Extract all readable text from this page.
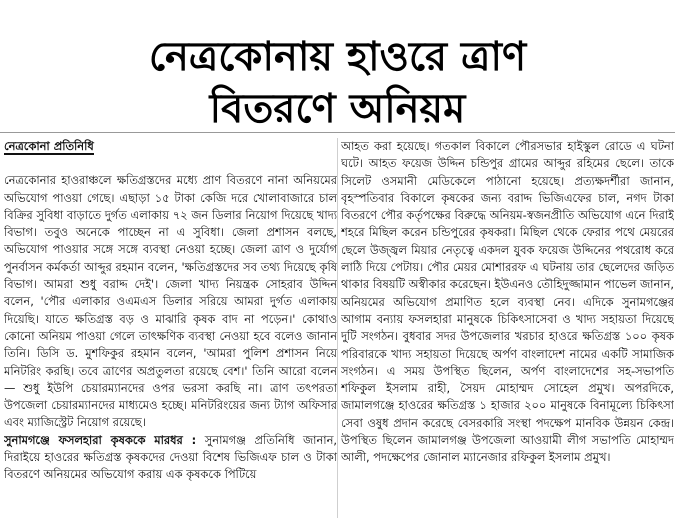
নেত্রকোনায় হাওরে ত্রাণ
বিতরণে অনিয়ম
নেত্রকোনা প্রতিনিধি

নেত্রকোনার হাওরাঞ্চলে ক্ষতিগ্রস্তদের মধ্যে প্রাণ বিতরণে নানা অনিয়মের অভিযোগ পাওয়া গেছে। এছাড়া ১৫ টাকা কেজি দরে খোলাবাজারে চাল বিক্রির সুবিধা বাড়াতে দুর্গত এলাকায় ৭২ জন ডিলার নিয়োগ দিয়েছে খাদ্য বিভাগ। তবুও অনেকে পাচ্ছেন না এ সুবিধা। জেলা প্রশাসন বলছে, অভিযোগ পাওয়ার সঙ্গে সঙ্গে ব্যবস্থা নেওয়া হচ্ছে। জেলা ত্রাণ ও দুর্যোগ পুনর্বাসন কর্মকর্তা আব্দুর রহমান বলেন, 'ক্ষতিগ্রস্তদের সব তথ্য দিয়েছে কৃষি বিভাগ। আমরা শুধু বরাদ্দ দেই'। জেলা খাদ্য নিয়ন্ত্রক সোহরাব উদ্দিন বলেন, 'পৌর এলাকার ওএমএস ডিলার সরিয়ে আমরা দুর্গত এলাকায় দিয়েছি। যাতে ক্ষতিগ্রস্ত বড় ও মাঝারি কৃষক বাদ না পড়েন।' কোথাও কোনো অনিয়ম পাওয়া গেলে তাৎক্ষণিক ব্যবস্থা নেওয়া হবে বলেও জানান তিনি। ডিসি ড. মুশফিকুর রহমান বলেন, 'আমরা পুলিশ প্রশাসন নিয়ে মনিটরিং করছি। তবে ত্রাণের অপ্রতুলতা রয়েছে বেশ।' তিনি আরো বলেন— শুধু ইউপি চেয়ারম্যানদের ওপর ভরসা করছি না। ত্রাণ তৎপরতা উপজেলা চেয়ারম্যানদের মাধ্যমেও হচ্ছে। মনিটরিংয়ের জন্য ট্যাগ অফিসার এবং ম্যাজিস্ট্রেট নিয়োগ রয়েছে।

সুনামগঞ্জে ফসলহারা কৃষককে মারধর : সুনামগঞ্জ প্রতিনিধি জানান, দিরাইয়ে হাওরের ক্ষতিগ্রস্ত কৃষকদের দেওয়া বিশেষ ভিজিএফ চাল ও টাকা বিতরণে অনিয়মের অভিযোগ করায় এক কৃষককে পিটিয়ে

আহত করা হয়েছে। গতকাল বিকালে পৌরসভার হাইস্কুল রোডে এ ঘটনা ঘটে। আহত ফয়েজ উদ্দিন চন্ডিপুর গ্রামের আব্দুর রহিমের ছেলে। তাকে সিলেট ওসমানী মেডিকেলে পাঠানো হয়েছে। প্রত্যক্ষদর্শীরা জানান, বৃহস্পতিবার বিকালে কৃষকের জন্য বরাদ্দ ভিজিএফের চাল, নগদ টাকা বিতরণে পৌর কর্তৃপক্ষের বিরুদ্ধে অনিয়ম-স্বজনপ্রীতি অভিযোগ এনে দিরাই শহরে মিছিল করেন চন্ডিপুরের কৃষকরা। মিছিল থেকে ফেরার পথে মেয়রের ছেলে উজ্জ্বল মিয়ার নেতৃত্বে একদল যুবক ফয়েজ উদ্দিনের পথরোধ করে লাঠি দিয়ে পেটায়। পৌর মেয়র মোশাররফ এ ঘটনায় তার ছেলেদের জড়িত থাকার বিষয়টি অস্বীকার করেছেন। ইউএনও তৌহিদুজ্জামান পাভেল জানান, অনিয়মের অভিযোগ প্রমাণিত হলে ব্যবস্থা নেব। এদিকে সুনামগঞ্জের আগাম বন্যায় ফসলহারা মানুষকে চিকিৎসাসেবা ও খাদ্য সহায়তা দিয়েছে দুটি সংগঠন। বুধবার সদর উপজেলার খরচার হাওরে ক্ষতিগ্রস্ত ১০০ কৃষক পরিবারকে খাদ্য সহায়তা দিয়েছে অর্পণ বাংলাদেশ নামের একটি সামাজিক সংগঠন। এ সময় উপস্থিত ছিলেন, অর্পণ বাংলাদেশের সহ-সভাপতি শফিকুল ইসলাম রাহী, সৈয়দ মোহাম্মদ সোহেল প্রমুখ। অপরদিকে, জামালগঞ্জে হাওরের ক্ষতিগ্রস্ত ১ হাজার ২০০ মানুষকে বিনামূল্যে চিকিৎসা সেবা ওষুধ প্রদান করেছে বেসরকারি সংস্থা পদক্ষেপ মানবিক উন্নয়ন কেন্দ্র। উপস্থিত ছিলেন জামালগঞ্জ উপজেলা আওয়ামী লীগ সভাপতি মোহাম্মদ আলী, পদক্ষেপের জোনাল ম্যানেজার রফিকুল ইসলাম প্রমুখ।
